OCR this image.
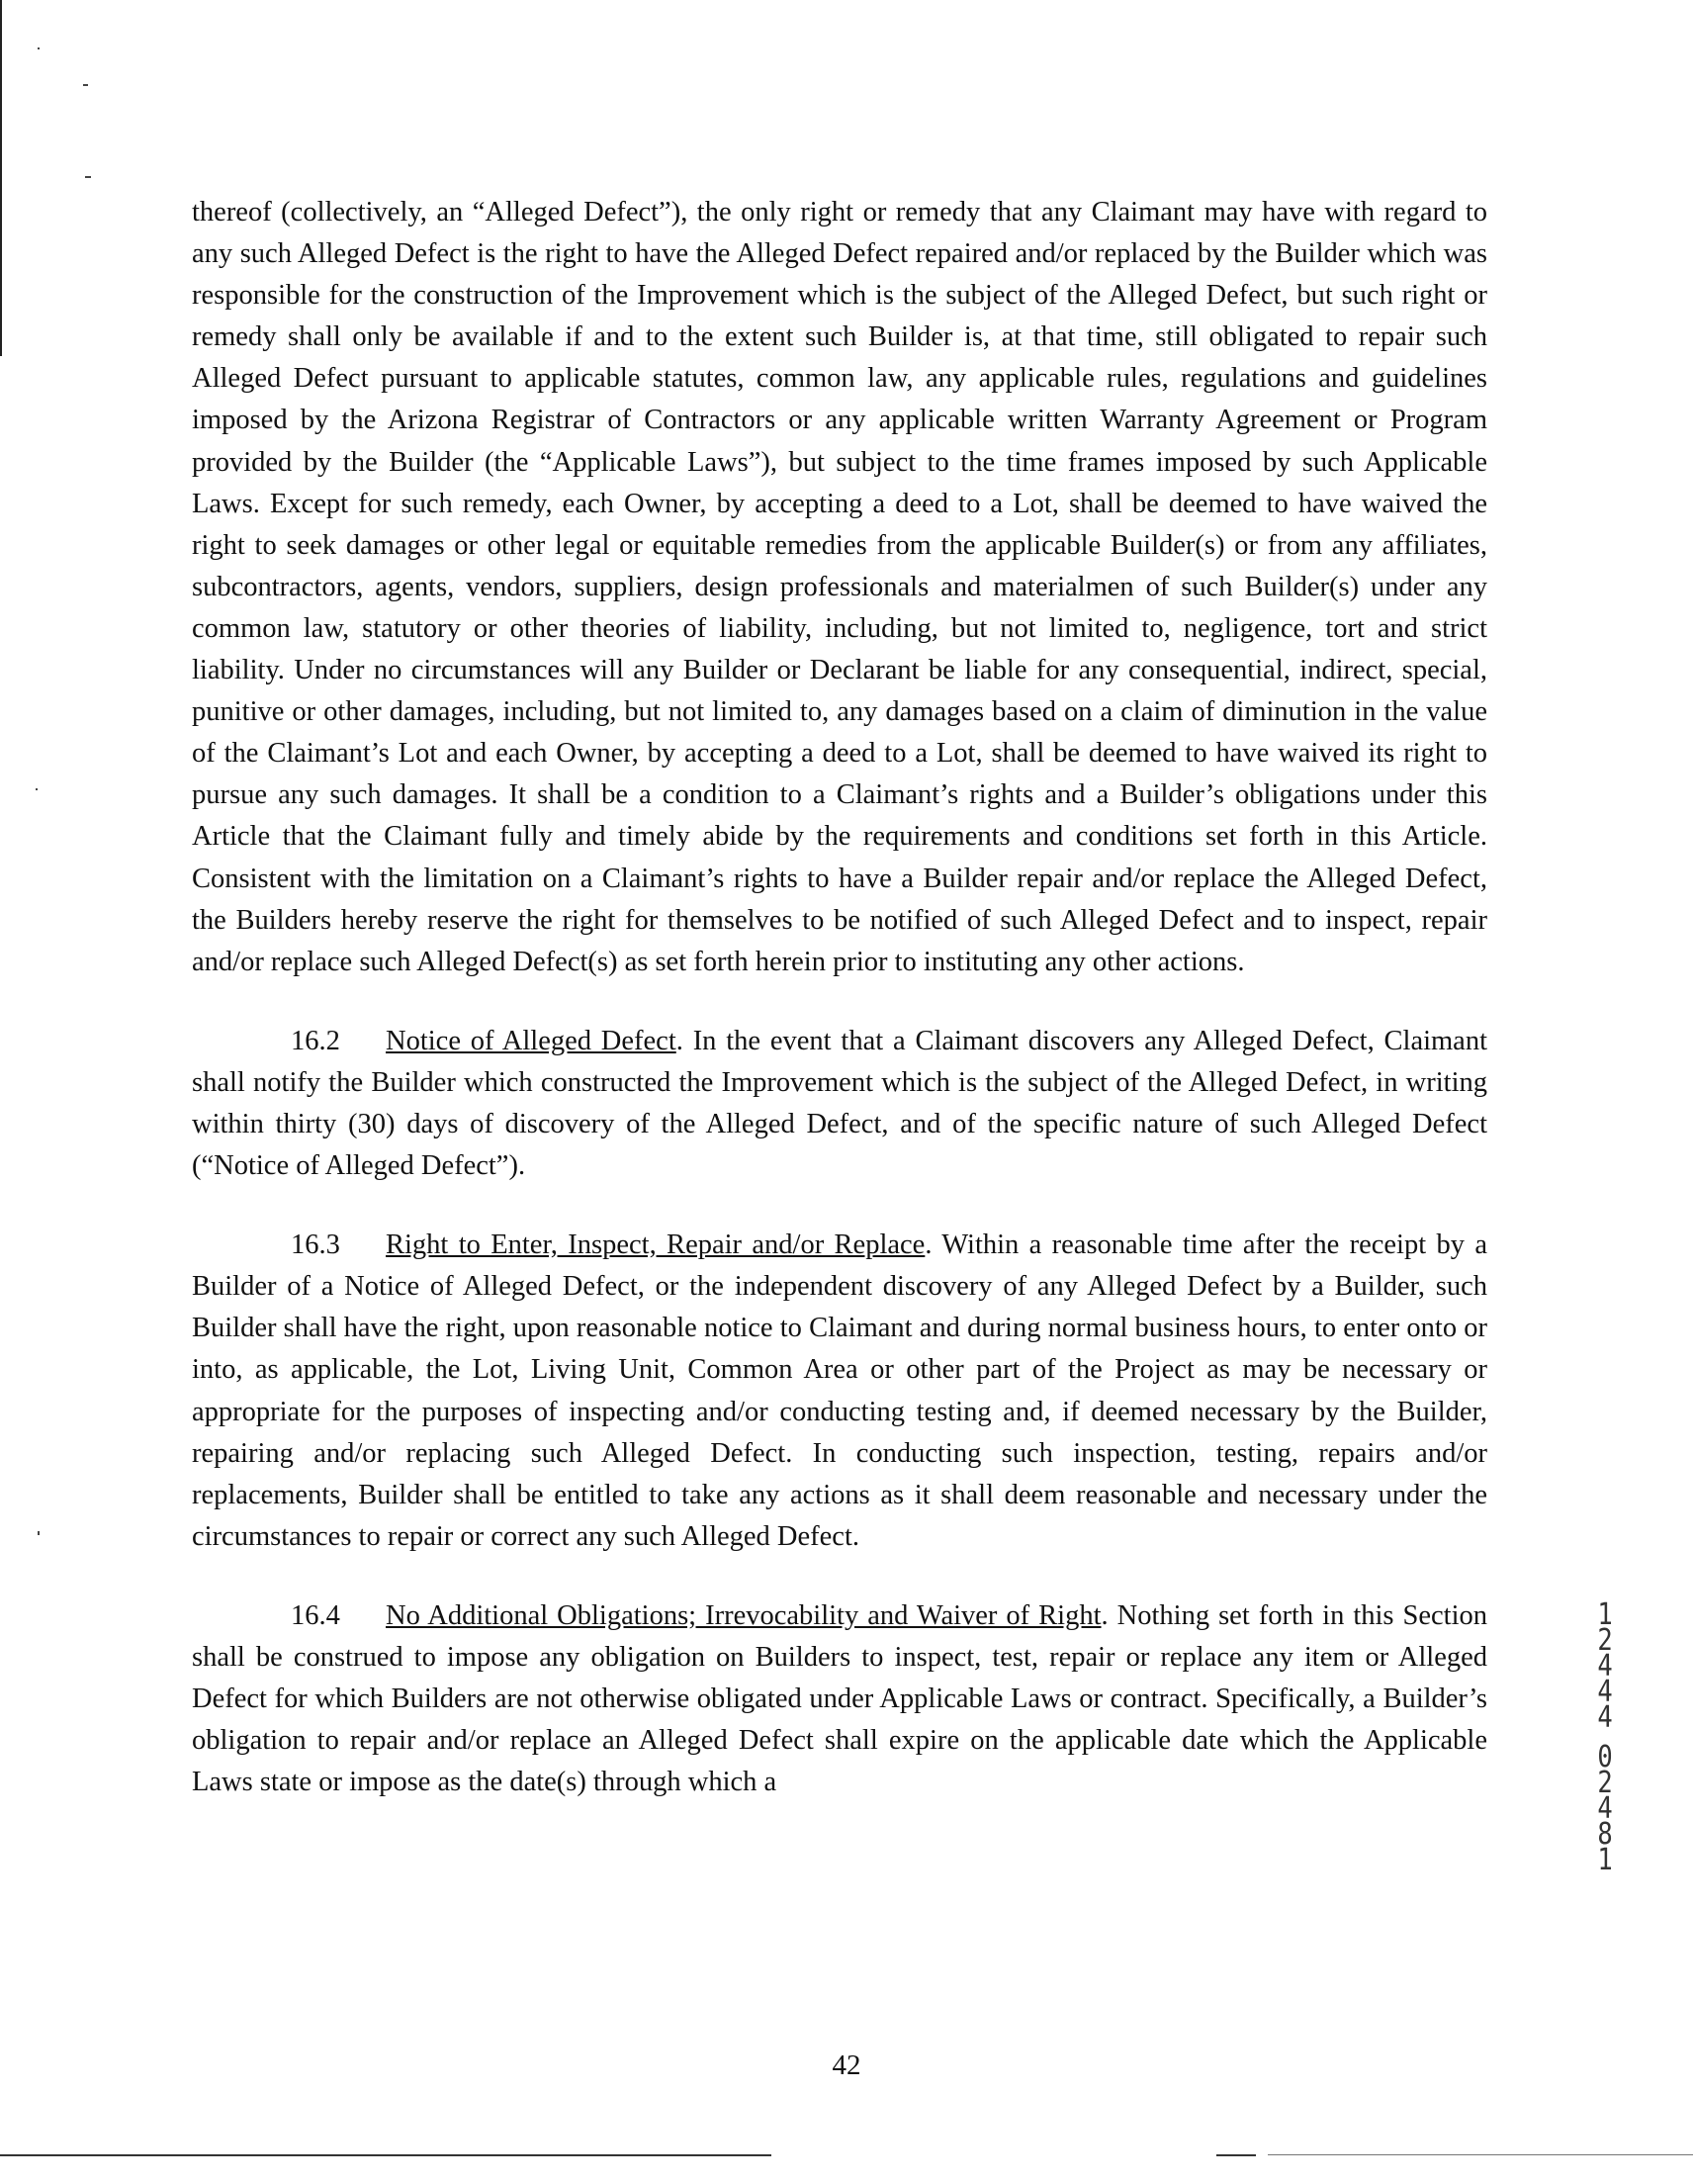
thereof (collectively, an “Alleged Defect”), the only right or remedy that any Claimant may have with regard to any such Alleged Defect is the right to have the Alleged Defect repaired and/or replaced by the Builder which was responsible for the construction of the Improvement which is the subject of the Alleged Defect, but such right or remedy shall only be available if and to the extent such Builder is, at that time, still obligated to repair such Alleged Defect pursuant to applicable statutes, common law, any applicable rules, regulations and guidelines imposed by the Arizona Registrar of Contractors or any applicable written Warranty Agreement or Program provided by the Builder (the “Applicable Laws”), but subject to the time frames imposed by such Applicable Laws. Except for such remedy, each Owner, by accepting a deed to a Lot, shall be deemed to have waived the right to seek damages or other legal or equitable remedies from the applicable Builder(s) or from any affiliates, subcontractors, agents, vendors, suppliers, design professionals and materialmen of such Builder(s) under any common law, statutory or other theories of liability, including, but not limited to, negligence, tort and strict liability. Under no circumstances will any Builder or Declarant be liable for any consequential, indirect, special, punitive or other damages, including, but not limited to, any damages based on a claim of diminution in the value of the Claimant’s Lot and each Owner, by accepting a deed to a Lot, shall be deemed to have waived its right to pursue any such damages. It shall be a condition to a Claimant’s rights and a Builder’s obligations under this Article that the Claimant fully and timely abide by the requirements and conditions set forth in this Article. Consistent with the limitation on a Claimant’s rights to have a Builder repair and/or replace the Alleged Defect, the Builders hereby reserve the right for themselves to be notified of such Alleged Defect and to inspect, repair and/or replace such Alleged Defect(s) as set forth herein prior to instituting any other actions.

16.2 Notice of Alleged Defect. In the event that a Claimant discovers any Alleged Defect, Claimant shall notify the Builder which constructed the Improvement which is the subject of the Alleged Defect, in writing within thirty (30) days of discovery of the Alleged Defect, and of the specific nature of such Alleged Defect (“Notice of Alleged Defect”).

16.3 Right to Enter, Inspect, Repair and/or Replace. Within a reasonable time after the receipt by a Builder of a Notice of Alleged Defect, or the independent discovery of any Alleged Defect by a Builder, such Builder shall have the right, upon reasonable notice to Claimant and during normal business hours, to enter onto or into, as applicable, the Lot, Living Unit, Common Area or other part of the Project as may be necessary or appropriate for the purposes of inspecting and/or conducting testing and, if deemed necessary by the Builder, repairing and/or replacing such Alleged Defect. In conducting such inspection, testing, repairs and/or replacements, Builder shall be entitled to take any actions as it shall deem reasonable and necessary under the circumstances to repair or correct any such Alleged Defect.

16.4 No Additional Obligations; Irrevocability and Waiver of Right. Nothing set forth in this Section shall be construed to impose any obligation on Builders to inspect, test, repair or replace any item or Alleged Defect for which Builders are not otherwise obligated under Applicable Laws or contract. Specifically, a Builder’s obligation to repair and/or replace an Alleged Defect shall expire on the applicable date which the Applicable Laws state or impose as the date(s) through which a

1
2
4
4
4
0
2
4
8
1
42
